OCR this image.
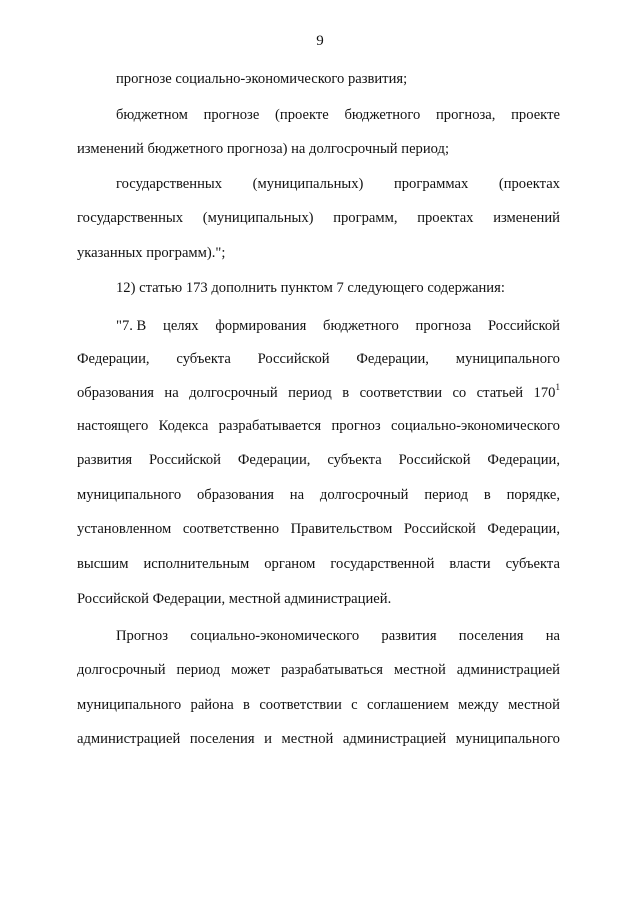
9
прогнозе социально-экономического развития;
бюджетном прогнозе (проекте бюджетного прогноза, проекте
изменений бюджетного прогноза) на долгосрочный период;
государственных (муниципальных) программах (проектах
государственных (муниципальных) программ, проектах изменений
указанных программ).";
12) статью 173 дополнить пунктом 7 следующего содержания:
"7. В целях формирования бюджетного прогноза Российской
Федерации, субъекта Российской Федерации, муниципального
образования на долгосрочный период в соответствии со статьей $170^1$
настоящего Кодекса разрабатывается прогноз социально-экономического
развития Российской Федерации, субъекта Российской Федерации,
муниципального образования на долгосрочный период в порядке,
установленном соответственно Правительством Российской Федерации,
высшим исполнительным органом государственной власти субъекта
Российской Федерации, местной администрацией.
Прогноз социально-экономического развития поселения на
долгосрочный период может разрабатываться местной администрацией
муниципального района в соответствии с соглашением между местной
администрацией поселения и местной администрацией муниципального
